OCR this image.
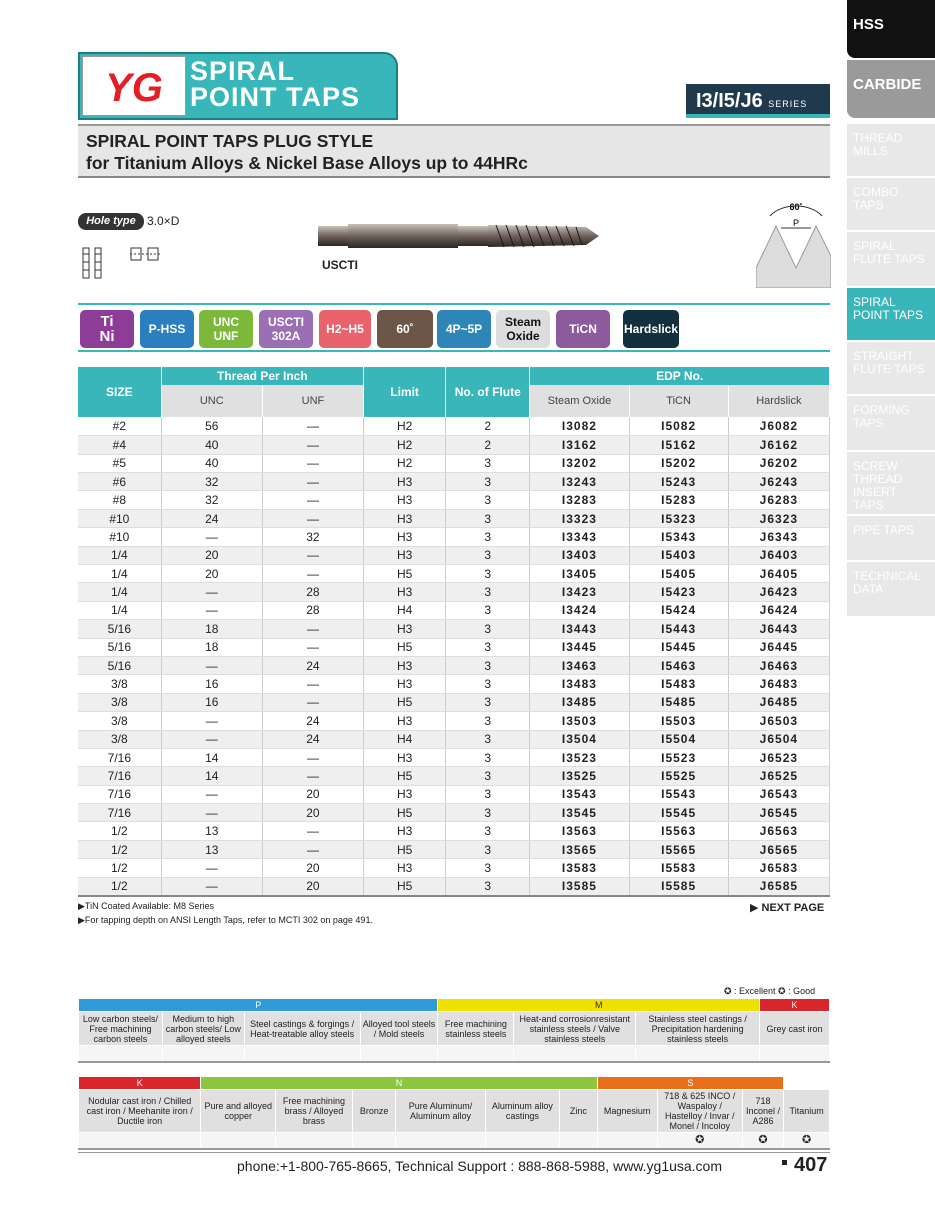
YG SPIRAL
POINT TAPS	I3/I5/J6 SERIES
SPIRAL POINT TAPS PLUG STYLE
for Titanium Alloys & Nickel Base Alloys up to 44HRc
HSS
CARBIDE
THREAD MILLS
COMBO TAPS
SPIRAL FLUTE TAPS
SPIRAL POINT TAPS
STRAIGHT FLUTE TAPS
FORMING TAPS
SCREW THREAD INSERT TAPS
PIPE TAPS
TECHNICAL DATA
Hole type 3.0×D
USCTI
60˚
P
Ti
Ni	P-HSS UNC
UNF
USCTI
302A	H2~H5	60˚	4P~5P Steam
Oxide TiCN Hardslick
SIZE	Thread Per Inch		Limit	No. of Flute	EDP No.		
	UNC	UNF			Steam Oxide	TiCN	Hardslick
#2	56	—	H2	2	I3082	I5082	J6082
#4	40	—	H2	2	I3162	I5162	J6162
#5	40	—	H2	3	I3202	I5202	J6202
#6	32	—	H3	3	I3243	I5243	J6243
#8	32	—	H3	3	I3283	I5283	J6283
#10	24	—	H3	3	I3323	I5323	J6323
#10	—	32	H3	3	I3343	I5343	J6343
1/4	20	—	H3	3	I3403	I5403	J6403
1/4	20	—	H5	3	I3405	I5405	J6405
1/4	—	28	H3	3	I3423	I5423	J6423
1/4	—	28	H4	3	I3424	I5424	J6424
5/16	18	—	H3	3	I3443	I5443	J6443
5/16	18	—	H5	3	I3445	I5445	J6445
5/16	—	24	H3	3	I3463	I5463	J6463
3/8	16	—	H3	3	I3483	I5483	J6483
3/8	16	—	H5	3	I3485	I5485	J6485
3/8	—	24	H3	3	I3503	I5503	J6503
3/8	—	24	H4	3	I3504	I5504	J6504
7/16	14	—	H3	3	I3523	I5523	J6523
7/16	14	—	H5	3	I3525	I5525	J6525
7/16	—	20	H3	3	I3543	I5543	J6543
7/16	—	20	H5	3	I3545	I5545	J6545
1/2	13	—	H3	3	I3563	I5563	J6563
1/2	13	—	H5	3	I3565	I5565	J6565
1/2	—	20	H3	3	I3583	I5583	J6583
1/2	—	20	H5	3	I3585	I5585	J6585
▶TiN Coated Available: M8 Series
▶For tapping depth on ANSI Length Taps, refer to MCTI 302 on page 491.
▶ NEXT PAGE
✪ : Excellent ✪ : Good
P				M			K
Low carbon steels/ Free machining carbon steels	Medium to high carbon steels/ Low alloyed steels	Steel castings & forgings / Heat-treatable alloy steels	Alloyed tool steels / Mold steels	Free machining stainless steels	Heat-and corrosionresistant stainless steels / Valve stainless steels	Stainless steel castings / Precipitation hardening stainless steels	Grey cast iron

K	N						S			
Nodular cast iron / Chilled cast iron / Meehanite iron / Ductile iron	Pure and alloyed copper	Free machining brass / Alloyed brass	Bronze	Pure Aluminum/ Aluminum alloy	Aluminum alloy castings	Zinc	Magnesium	718 & 625 INCO / Waspaloy / Hastelloy / Invar / Monel / Incoloy	718 Inconel / A286	Titanium
								✪	✪	✪
phone:+1-800-765-8665, Technical Support : 888-868-5988, www.yg1usa.com	407
